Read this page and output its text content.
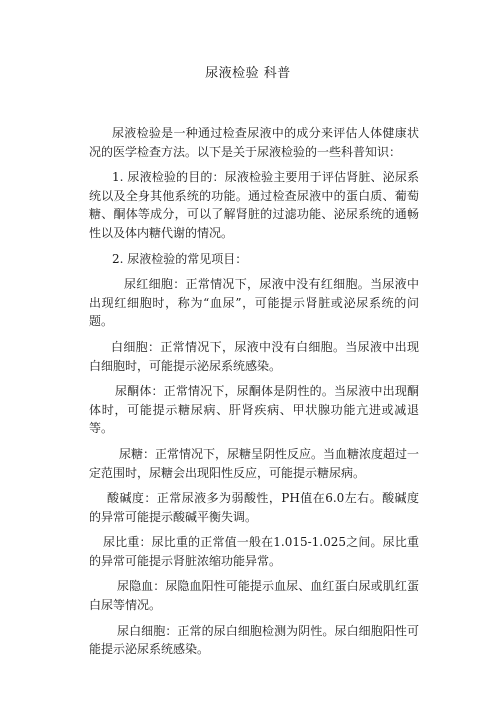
尿液检验 科普

尿液检验是一种通过检查尿液中的成分来评估人体健康状况的医学检查方法。以下是关于尿液检验的一些科普知识：

1. 尿液检验的目的：尿液检验主要用于评估肾脏、泌尿系统以及全身其他系统的功能。通过检查尿液中的蛋白质、葡萄糖、酮体等成分，可以了解肾脏的过滤功能、泌尿系统的通畅性以及体内糖代谢的情况。

2. 尿液检验的常见项目：

尿红细胞：正常情况下，尿液中没有红细胞。当尿液中出现红细胞时，称为“血尿”，可能提示肾脏或泌尿系统的问题。

白细胞：正常情况下，尿液中没有白细胞。当尿液中出现白细胞时，可能提示泌尿系统感染。

尿酮体：正常情况下，尿酮体是阴性的。当尿液中出现酮体时，可能提示糖尿病、肝肾疾病、甲状腺功能亢进或减退等。

尿糖：正常情况下，尿糖呈阴性反应。当血糖浓度超过一定范围时，尿糖会出现阳性反应，可能提示糖尿病。

酸碱度：正常尿液多为弱酸性，PH值在6.0左右。酸碱度的异常可能提示酸碱平衡失调。

尿比重：尿比重的正常值一般在1.015-1.025之间。尿比重的异常可能提示肾脏浓缩功能异常。

尿隐血：尿隐血阳性可能提示血尿、血红蛋白尿或肌红蛋白尿等情况。

尿白细胞：正常的尿白细胞检测为阴性。尿白细胞阳性可能提示泌尿系统感染。
